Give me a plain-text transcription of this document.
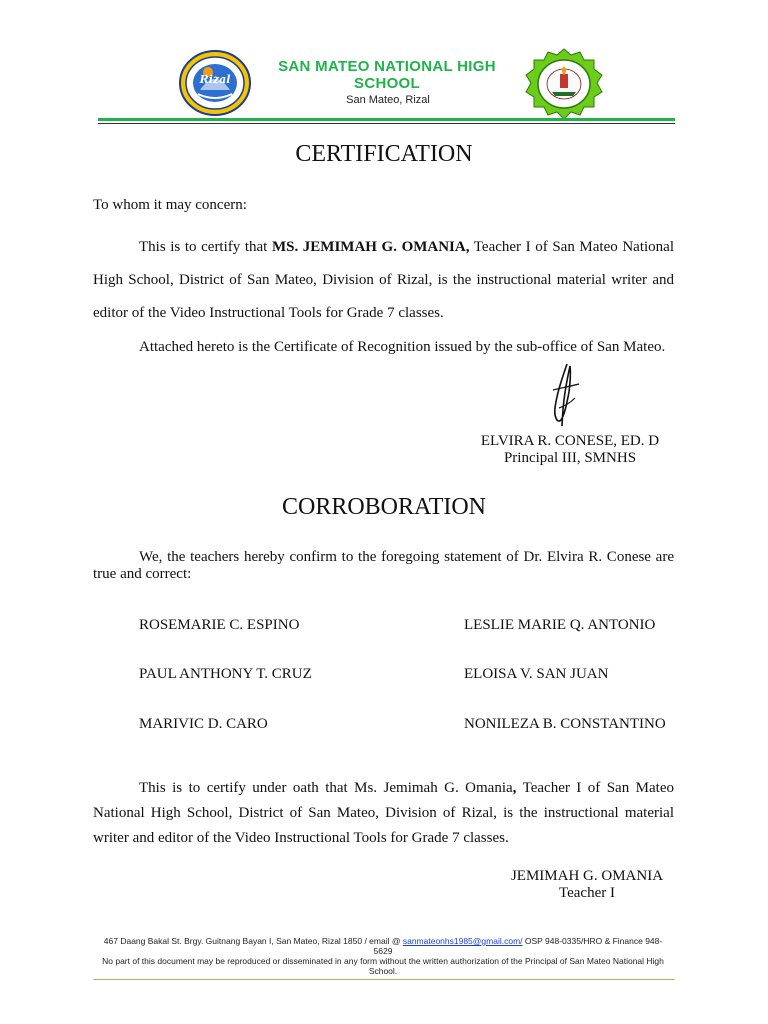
Rizal
SAN MATEO NATIONAL HIGH SCHOOL
San Mateo, Rizal
CERTIFICATION
To whom it may concern:
This is to certify that MS. JEMIMAH G. OMANIA, Teacher I of San Mateo National High School, District of San Mateo, Division of Rizal, is the instructional material writer and editor of the Video Instructional Tools for Grade 7 classes.
Attached hereto is the Certificate of Recognition issued by the sub-office of San Mateo.
ELVIRA R. CONESE, ED. D
Principal III, SMNHS
CORROBORATION
We, the teachers hereby confirm to the foregoing statement of Dr. Elvira R. Conese are true and correct:
ROSEMARIE C. ESPINO
PAUL ANTHONY T. CRUZ
MARIVIC D. CARO
LESLIE MARIE Q. ANTONIO
ELOISA V. SAN JUAN
NONILEZA B. CONSTANTINO
This is to certify under oath that Ms. Jemimah G. Omania, Teacher I of San Mateo National High School, District of San Mateo, Division of Rizal, is the instructional material writer and editor of the Video Instructional Tools for Grade 7 classes.
JEMIMAH G. OMANIA
Teacher I
467 Daang Bakal St. Brgy. Guitnang Bayan I, San Mateo, Rizal 1850 / email @ sanmateonhs1985@gmail.com/ OSP 948-0335/HRO & Finance 948-5629
No part of this document may be reproduced or disseminated in any form without the written authorization of the Principal of San Mateo National High School.
